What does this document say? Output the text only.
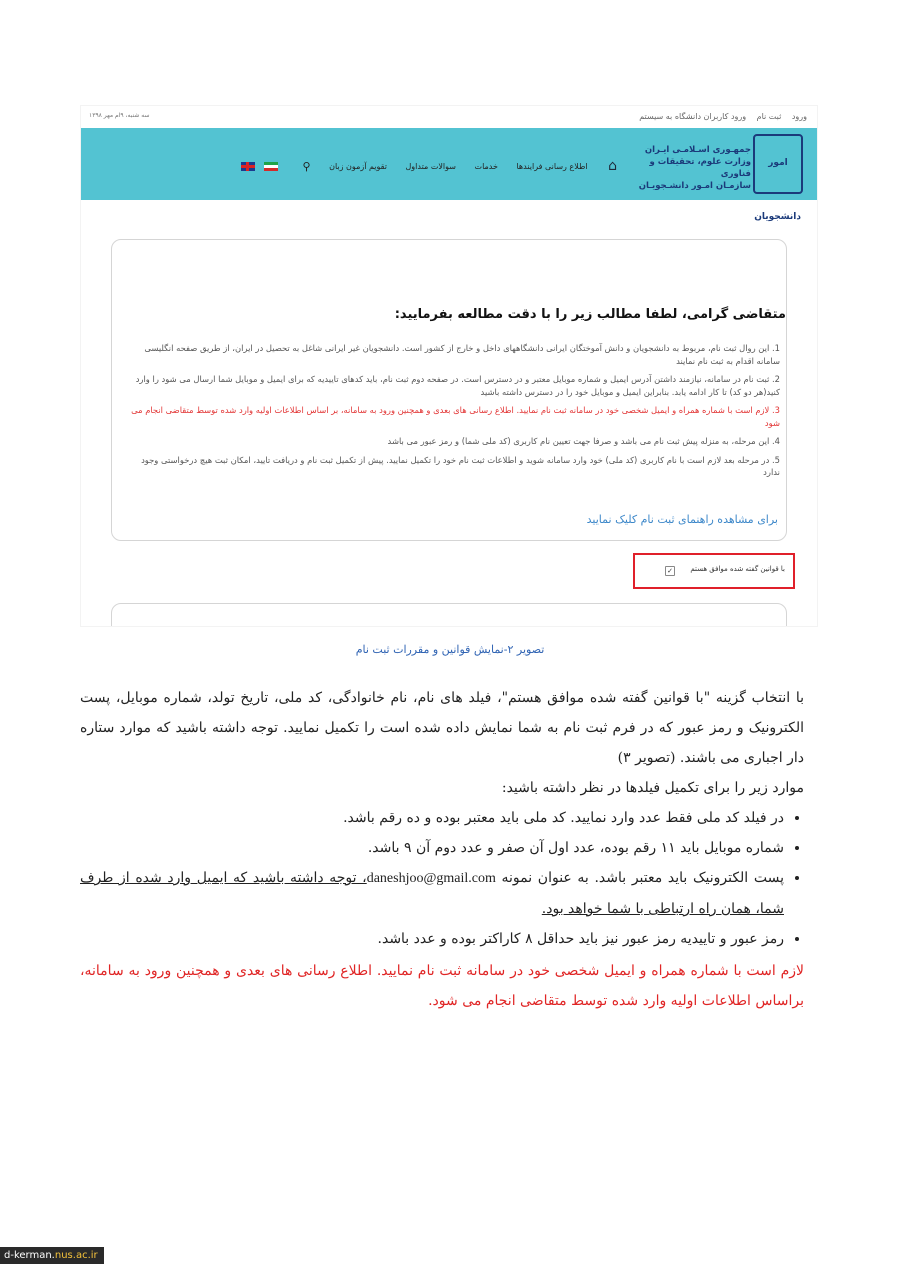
ورود ثبت نام ورود کاربران دانشگاه به سیستم
سه شنبه، ۹ام مهر ۱۳۹۸
امور دانشجویان
جمهـوری اسـلامـی ایـران
وزارت علوم، تحقیقات و فناوری
سازمـان امـور دانشـجویـان
⌂ اطلاع رسانی فرایندها خدمات سوالات متداول تقویم آزمون زبان ⚲
متقاضی گرامی، لطفا مطالب زیر را با دقت مطالعه بفرمایید:
1. این روال ثبت نام، مربوط به دانشجویان و دانش آموختگان ایرانی دانشگاههای داخل و خارج از کشور است. دانشجویان غیر ایرانی شاغل به تحصیل در ایران، از طریق صفحه انگلیسی سامانه اقدام به ثبت نام نمایند
2. ثبت نام در سامانه، نیازمند داشتن آدرس ایمیل و شماره موبایل معتبر و در دسترس است. در صفحه دوم ثبت نام، باید کدهای تاییدیه که برای ایمیل و موبایل شما ارسال می شود را وارد کنید(هر دو کد) تا کار ادامه یابد. بنابراین ایمیل و موبایل خود را در دسترس داشته باشید
3. لازم است با شماره همراه و ایمیل شخصی خود در سامانه ثبت نام نمایید. اطلاع رسانی های بعدی و همچنین ورود به سامانه، بر اساس اطلاعات اولیه وارد شده توسط متقاضی انجام می شود
4. این مرحله، به منزله پیش ثبت نام می باشد و صرفا جهت تعیین نام کاربری (کد ملی شما) و رمز عبور می باشد
5. در مرحله بعد لازم است با نام کاربری (کد ملی) خود وارد سامانه شوید و اطلاعات ثبت نام خود را تکمیل نمایید. پیش از تکمیل ثبت نام و دریافت تایید، امکان ثبت هیچ درخواستی وجود ندارد
برای مشاهده راهنمای ثبت نام کلیک نمایید
با قوانین گفته شده موافق هستم
✓
تصویر ۲-نمایش قوانین و مقررات ثبت نام

با انتخاب گزینه "با قوانین گفته شده موافق هستم"، فیلد های نام، نام خانوادگی، کد ملی، تاریخ تولد، شماره موبایل، پست الکترونیک و رمز عبور که در فرم ثبت نام به شما نمایش داده شده است را تکمیل نمایید. توجه داشته باشید که موارد ستاره دار اجباری می باشند. (تصویر ۳)

موارد زیر را برای تکمیل فیلدها در نظر داشته باشید:

• در فیلد کد ملی فقط عدد وارد نمایید. کد ملی باید معتبر بوده و ده رقم باشد.
• شماره موبایل باید ۱۱ رقم بوده، عدد اول آن صفر و عدد دوم آن ۹ باشد.
• پست الکترونیک باید معتبر باشد. به عنوان نمونه daneshjoo@gmail.com، توجه داشته باشید که ایمیل وارد شده از طرف شما، همان راه ارتباطی با شما خواهد بود.
• رمز عبور و تاییدیه رمز عبور نیز باید حداقل ۸ کاراکتر بوده و عدد باشد.

لازم است با شماره همراه و ایمیل شخصی خود در سامانه ثبت نام نمایید. اطلاع رسانی های بعدی و همچنین ورود به سامانه، براساس اطلاعات اولیه وارد شده توسط متقاضی انجام می شود.

d-kerman.nus.ac.ir
